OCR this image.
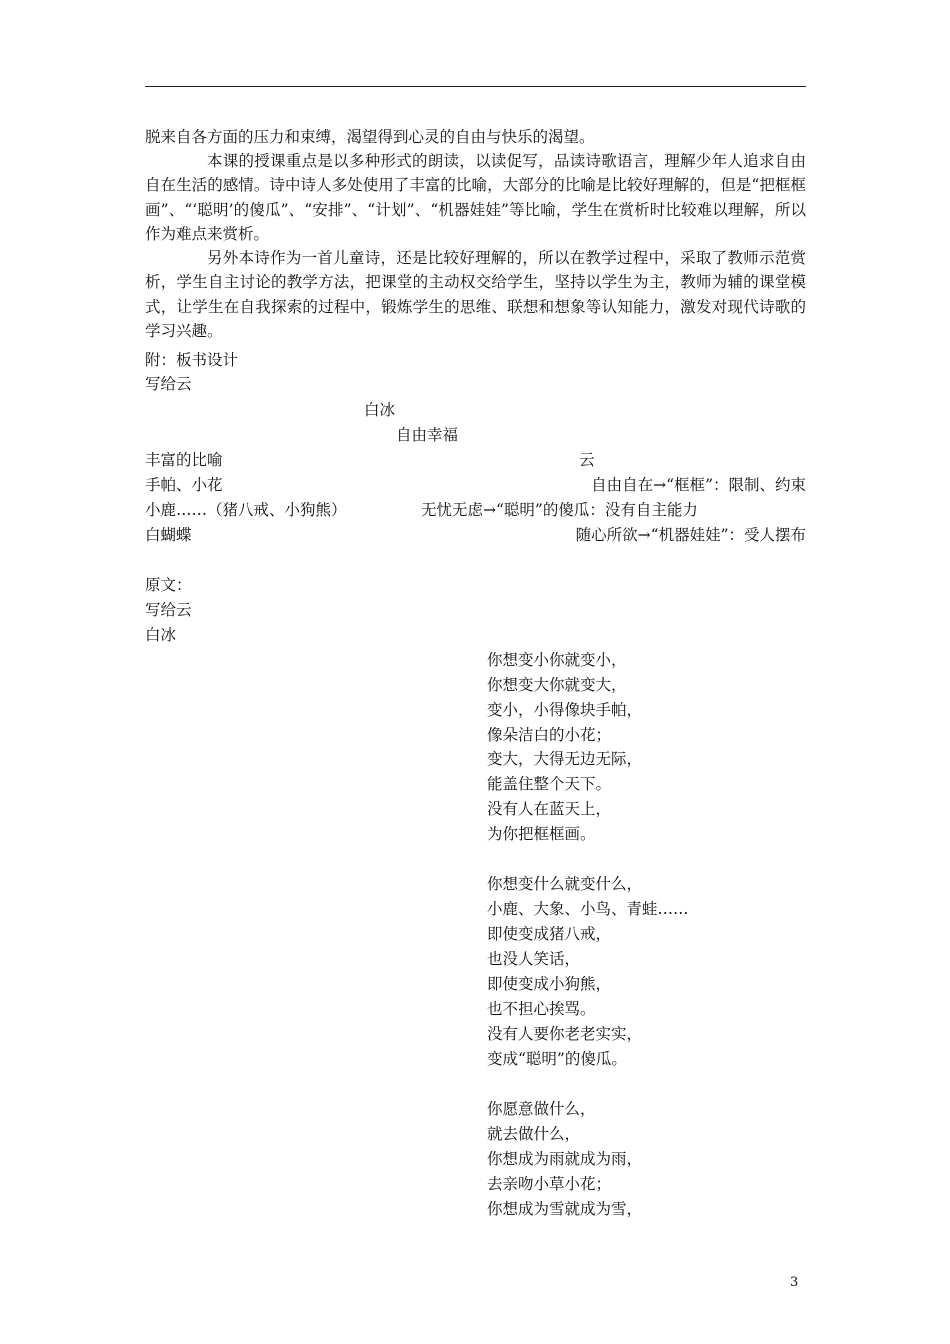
脱来自各方面的压力和束缚，渴望得到心灵的自由与快乐的渴望。

本课的授课重点是以多种形式的朗读，以读促写，品读诗歌语言，理解少年人追求自由自在生活的感情。诗中诗人多处使用了丰富的比喻，大部分的比喻是比较好理解的，但是“把框框画”、“‘聪明’的傻瓜”、“安排”、“计划”、“机器娃娃”等比喻，学生在赏析时比较难以理解，所以作为难点来赏析。

另外本诗作为一首儿童诗，还是比较好理解的，所以在教学过程中，采取了教师示范赏析，学生自主讨论的教学方法，把课堂的主动权交给学生，坚持以学生为主，教师为辅的课堂模式，让学生在自我探索的过程中，锻炼学生的思维、联想和想象等认知能力，激发对现代诗歌的学习兴趣。

附：板书设计
写给云
白冰
自由幸福
丰富的比喻	云
手帕、小花
小鹿……（猪八戒、小狗熊）
白蝴蝶
自由自在→“框框”：限制、约束
无忧无虑→“聪明”的傻瓜：没有自主能力
随心所欲→“机器娃娃”：受人摆布
原文：
写给云
白冰
你想变小你就变小，
你想变大你就变大，
变小，小得像块手帕，
像朵洁白的小花；
变大，大得无边无际，
能盖住整个天下。
没有人在蓝天上，
为你把框框画。
你想变什么就变什么，
小鹿、大象、小鸟、青蛙……
即使变成猪八戒，
也没人笑话，
即使变成小狗熊，
也不担心挨骂。
没有人要你老老实实，
变成“聪明”的傻瓜。
你愿意做什么，
就去做什么，
你想成为雨就成为雨，
去亲吻小草小花；
你想成为雪就成为雪，
3
